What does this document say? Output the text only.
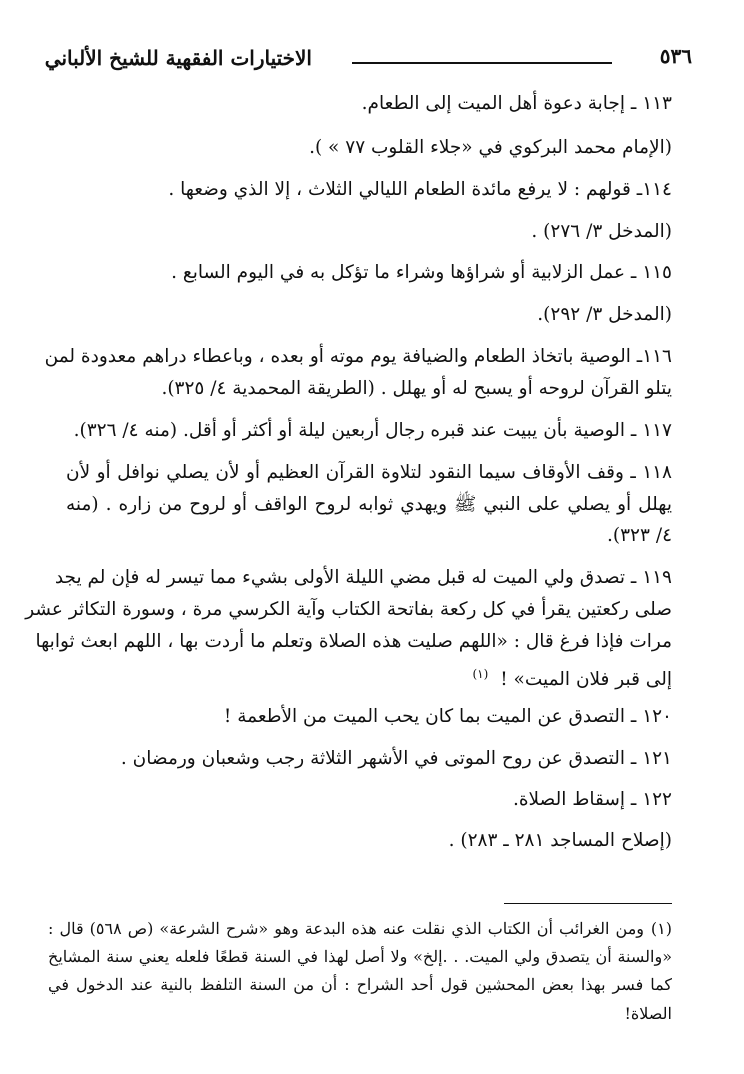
٥٣٦
الاختيارات الفقهية للشيخ الألباني
١١٣ ـ إجابة دعوة أهل الميت إلى الطعام.
(الإمام محمد البركوي في «جلاء القلوب ٧٧ » ).
١١٤ـ قولهم : لا يرفع مائدة الطعام الليالي الثلاث ، إلا الذي وضعها .
(المدخل ٣/ ٢٧٦) .
١١٥ ـ عمل الزلابية أو شراؤها وشراء ما تؤكل به في اليوم السابع .
(المدخل ٣/ ٢٩٢).
١١٦ـ الوصية باتخاذ الطعام والضيافة يوم موته أو بعده ، وباعطاء دراهم معدودة لمن
يتلو القرآن لروحه أو يسبح له أو يهلل . (الطريقة المحمدية ٤/ ٣٢٥).
١١٧ ـ الوصية بأن يبيت عند قبره رجال أربعين ليلة أو أكثر أو أقل. (منه ٤/ ٣٢٦).
١١٨ ـ وقف الأوقاف سيما النقود لتلاوة القرآن العظيم أو لأن يصلي نوافل أو لأن
يهلل أو يصلي على النبي ﷺ ويهدي ثوابه لروح الواقف أو لروح من زاره . (منه
٤/ ٣٢٣).
١١٩ ـ تصدق ولي الميت له قبل مضي الليلة الأولى بشيء مما تيسر له فإن لم يجد
صلى ركعتين يقرأ في كل ركعة بفاتحة الكتاب وآية الكرسي مرة ، وسورة التكاثر عشر
مرات فإذا فرغ قال : «اللهم صليت هذه الصلاة وتعلم ما أردت بها ، اللهم ابعث ثوابها
إلى قبر فلان الميت» ! $^{(١)}$
١٢٠ ـ التصدق عن الميت بما كان يحب الميت من الأطعمة !
١٢١ ـ التصدق عن روح الموتى في الأشهر الثلاثة رجب وشعبان ورمضان .
١٢٢ ـ إسقاط الصلاة.
(إصلاح المساجد ٢٨١ ـ ٢٨٣) .
(١)
ومن الغرائب أن الكتاب الذي نقلت عنه هذه البدعة وهو «شرح الشرعة» (ص ٥٦٨) قال :
«والسنة أن يتصدق ولي الميت. . .إلخ» ولا أصل لهذا في السنة قطعًا فلعله يعني سنة المشايخ
كما فسر بهذا بعض المحشين قول أحد الشراح : أن من السنة التلفظ بالنية عند الدخول في
الصلاة!
